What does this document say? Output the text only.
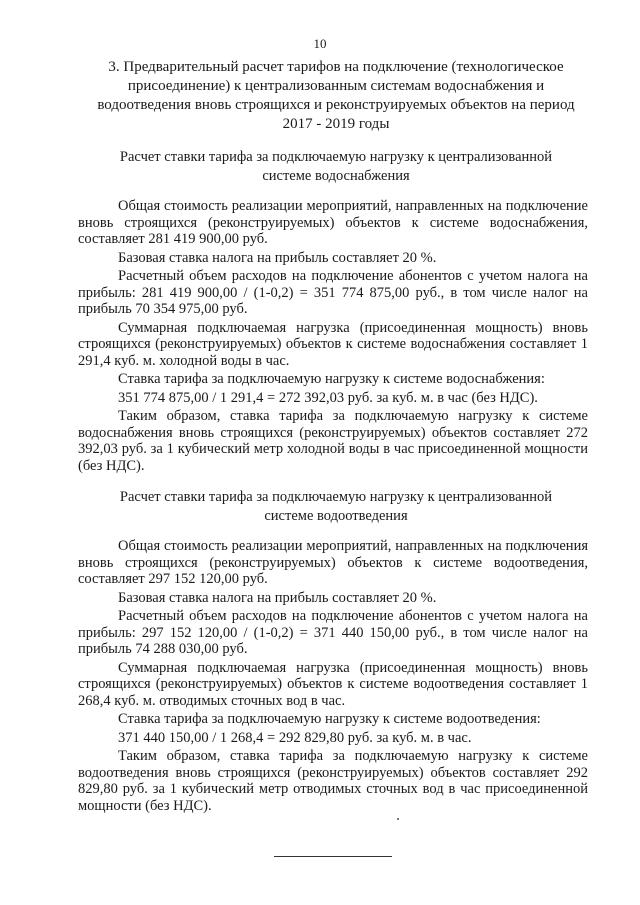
10
3. Предварительный расчет тарифов на подключение (технологическое присоединение) к централизованным системам водоснабжения и водоотведения вновь строящихся и реконструируемых объектов на период 2017 - 2019 годы
Расчет ставки тарифа за подключаемую нагрузку к централизованной системе водоснабжения

Общая стоимость реализации мероприятий, направленных на подключение вновь строящихся (реконструируемых) объектов к системе водоснабжения, составляет 281 419 900,00 руб.

Базовая ставка налога на прибыль составляет 20 %.

Расчетный объем расходов на подключение абонентов с учетом налога на прибыль: 281 419 900,00 / (1-0,2) = 351 774 875,00 руб., в том числе налог на прибыль 70 354 975,00 руб.

Суммарная подключаемая нагрузка (присоединенная мощность) вновь строящихся (реконструируемых) объектов к системе водоснабжения составляет 1 291,4 куб. м. холодной воды в час.

Ставка тарифа за подключаемую нагрузку к системе водоснабжения:

351 774 875,00 / 1 291,4 = 272 392,03 руб. за куб. м. в час (без НДС).

Таким образом, ставка тарифа за подключаемую нагрузку к системе водоснабжения вновь строящихся (реконструируемых) объектов составляет 272 392,03 руб. за 1 кубический метр холодной воды в час присоединенной мощности (без НДС).

Расчет ставки тарифа за подключаемую нагрузку к централизованной системе водоотведения

Общая стоимость реализации мероприятий, направленных на подключения вновь строящихся (реконструируемых) объектов к системе водоотведения, составляет 297 152 120,00 руб.

Базовая ставка налога на прибыль составляет 20 %.

Расчетный объем расходов на подключение абонентов с учетом налога на прибыль: 297 152 120,00 / (1-0,2) = 371 440 150,00 руб., в том числе налог на прибыль 74 288 030,00 руб.

Суммарная подключаемая нагрузка (присоединенная мощность) вновь строящихся (реконструируемых) объектов к системе водоотведения составляет 1 268,4 куб. м. отводимых сточных вод в час.

Ставка тарифа за подключаемую нагрузку к системе водоотведения:

371 440 150,00 / 1 268,4 = 292 829,80 руб. за куб. м. в час.

Таким образом, ставка тарифа за подключаемую нагрузку к системе водоотведения вновь строящихся (реконструируемых) объектов составляет 292 829,80 руб. за 1 кубический метр отводимых сточных вод в час присоединенной мощности (без НДС).
